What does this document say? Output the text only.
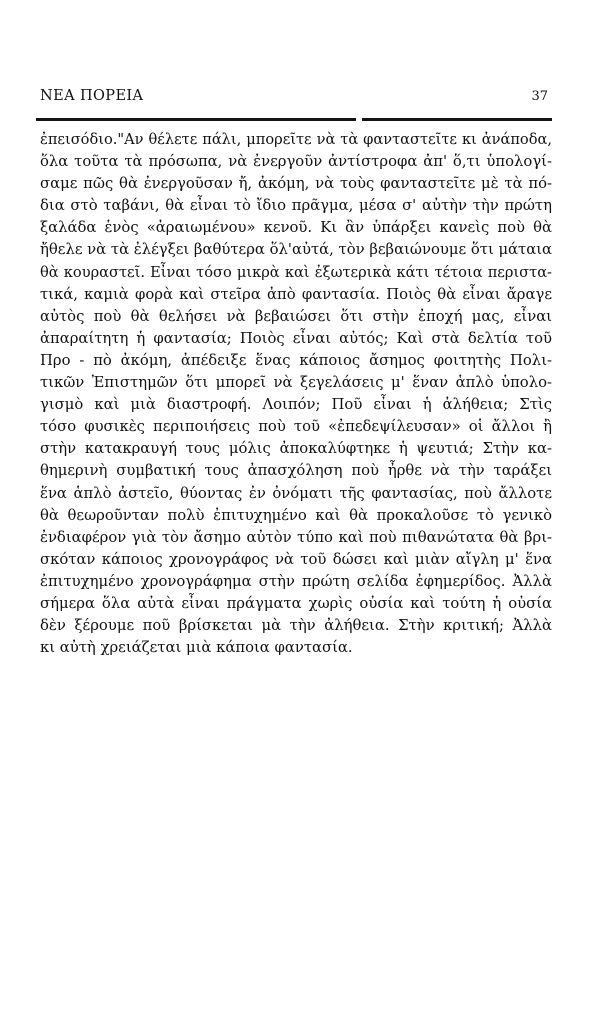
ΝΕΑ ΠΟΡΕΙΑ	37
ἐπεισόδιο."Αν θέλετε πάλι, μπορεῖτε νὰ τὰ φανταστεῖτε κι ἀνάποδα,
ὅλα τοῦτα τὰ πρόσωπα, νὰ ἐνεργοῦν ἀντίστροφα ἀπ' ὅ,τι ὑπολογί-
σαμε πῶς θὰ ἐνεργοῦσαν ἤ, ἀκόμη, νὰ τοὺς φανταστεῖτε μὲ τὰ πό-
δια στὸ ταβάνι, θὰ εἶναι τὸ ἴδιο πρᾶγμα, μέσα σ' αὐτὴν τὴν πρώτη
ξαλάδα ἑνὸς «ἀραιωμένου» κενοῦ. Κι ἂν ὑπάρξει κανεὶς ποὺ θὰ
ἤθελε νὰ τὰ ἐλέγξει βαθύτερα ὅλ'αὐτά, τὸν βεβαιώνουμε ὅτι μάταια
θὰ κουραστεῖ. Εἶναι τόσο μικρὰ καὶ ἐξωτερικὰ κάτι τέτοια περιστα-
τικά, καμιὰ φορὰ καὶ στεῖρα ἀπὸ φαντασία. Ποιὸς θὰ εἶναι ἄραγε
αὐτὸς ποὺ θὰ θελήσει νὰ βεβαιώσει ὅτι στὴν ἐποχή μας, εἶναι
ἀπαραίτητη ἡ φαντασία; Ποιὸς εἶναι αὐτός; Καὶ στὰ δελτία τοῦ
Προ - πὸ ἀκόμη, ἀπέδειξε ἕνας κάποιος ἄσημος φοιτητὴς Πολι-
τικῶν Ἐπιστημῶν ὅτι μπορεῖ νὰ ξεγελάσεις μ' ἕναν ἁπλὸ ὑπολο-
γισμὸ καὶ μιὰ διαστροφή. Λοιπόν; Ποῦ εἶναι ἡ ἀλήθεια; Στὶς
τόσο φυσικὲς περιποιήσεις ποὺ τοῦ «ἐπεδεψίλευσαν» οἱ ἄλλοι ἢ
στὴν κατακραυγή τους μόλις ἀποκαλύφτηκε ἡ ψευτιά; Στὴν κα-
θημερινὴ συμβατική τους ἀπασχόληση ποὺ ἦρθε νὰ τὴν ταράξει
ἕνα ἁπλὸ ἀστεῖο, θύοντας ἐν ὀνόματι τῆς φαντασίας, ποὺ ἄλλοτε
θὰ θεωροῦνταν πολὺ ἐπιτυχημένο καὶ θὰ προκαλοῦσε τὸ γενικὸ
ἐνδιαφέρον γιὰ τὸν ἄσημο αὐτὸν τύπο καὶ ποὺ πιθανώτατα θὰ βρι-
σκόταν κάποιος χρονογράφος νὰ τοῦ δώσει καὶ μιὰν αἴγλη μ' ἕνα
ἐπιτυχημένο χρονογράφημα στὴν πρώτη σελίδα ἐφημερίδος. Ἀλλὰ
σήμερα ὅλα αὐτὰ εἶναι πράγματα χωρὶς οὐσία καὶ τούτη ἡ οὐσία
δὲν ξέρουμε ποῦ βρίσκεται μὰ τὴν ἀλήθεια. Στὴν κριτική; Ἀλλὰ
κι αὐτὴ χρειάζεται μιὰ κάποια φαντασία.
